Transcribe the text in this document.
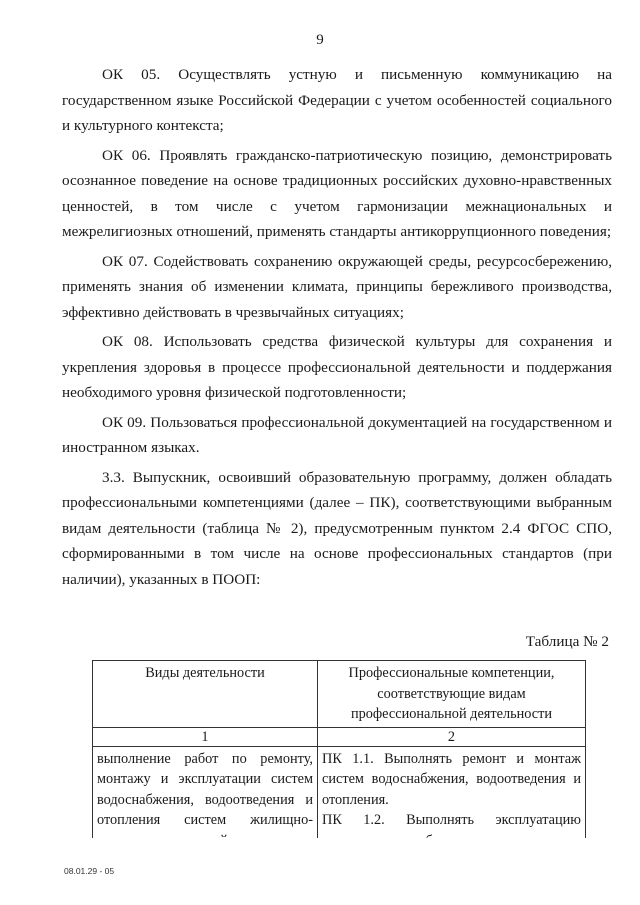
9

ОК 05. Осуществлять устную и письменную коммуникацию на государственном языке Российской Федерации с учетом особенностей социального и культурного контекста;

ОК 06. Проявлять гражданско-патриотическую позицию, демонстрировать осознанное поведение на основе традиционных российских духовно-нравственных ценностей, в том числе с учетом гармонизации межнациональных и межрелигиозных отношений, применять стандарты антикоррупционного поведения;

ОК 07. Содействовать сохранению окружающей среды, ресурсосбережению, применять знания об изменении климата, принципы бережливого производства, эффективно действовать в чрезвычайных ситуациях;

ОК 08. Использовать средства физической культуры для сохранения и укрепления здоровья в процессе профессиональной деятельности и поддержания необходимого уровня физической подготовленности;

ОК 09. Пользоваться профессиональной документацией на государственном и иностранном языках.

3.3. Выпускник, освоивший образовательную программу, должен обладать профессиональными компетенциями (далее – ПК), соответствующими выбранным видам деятельности (таблица № 2), предусмотренным пунктом 2.4 ФГОС СПО, сформированными в том числе на основе профессиональных стандартов (при наличии), указанных в ПООП:

Таблица № 2
Виды деятельности	Профессиональные компетенции, соответствующие видам профессиональной деятельности
1	2
выполнение работ по ремонту, монтажу и эксплуатации систем водоснабжения, водоотведения и отопления систем жилищно-	ПК 1.1. Выполнять ремонт и монтаж систем водоснабжения, водоотведения и отопления.
ПК 1.2. Выполнять эксплуатацию
08.01.29 - 05
